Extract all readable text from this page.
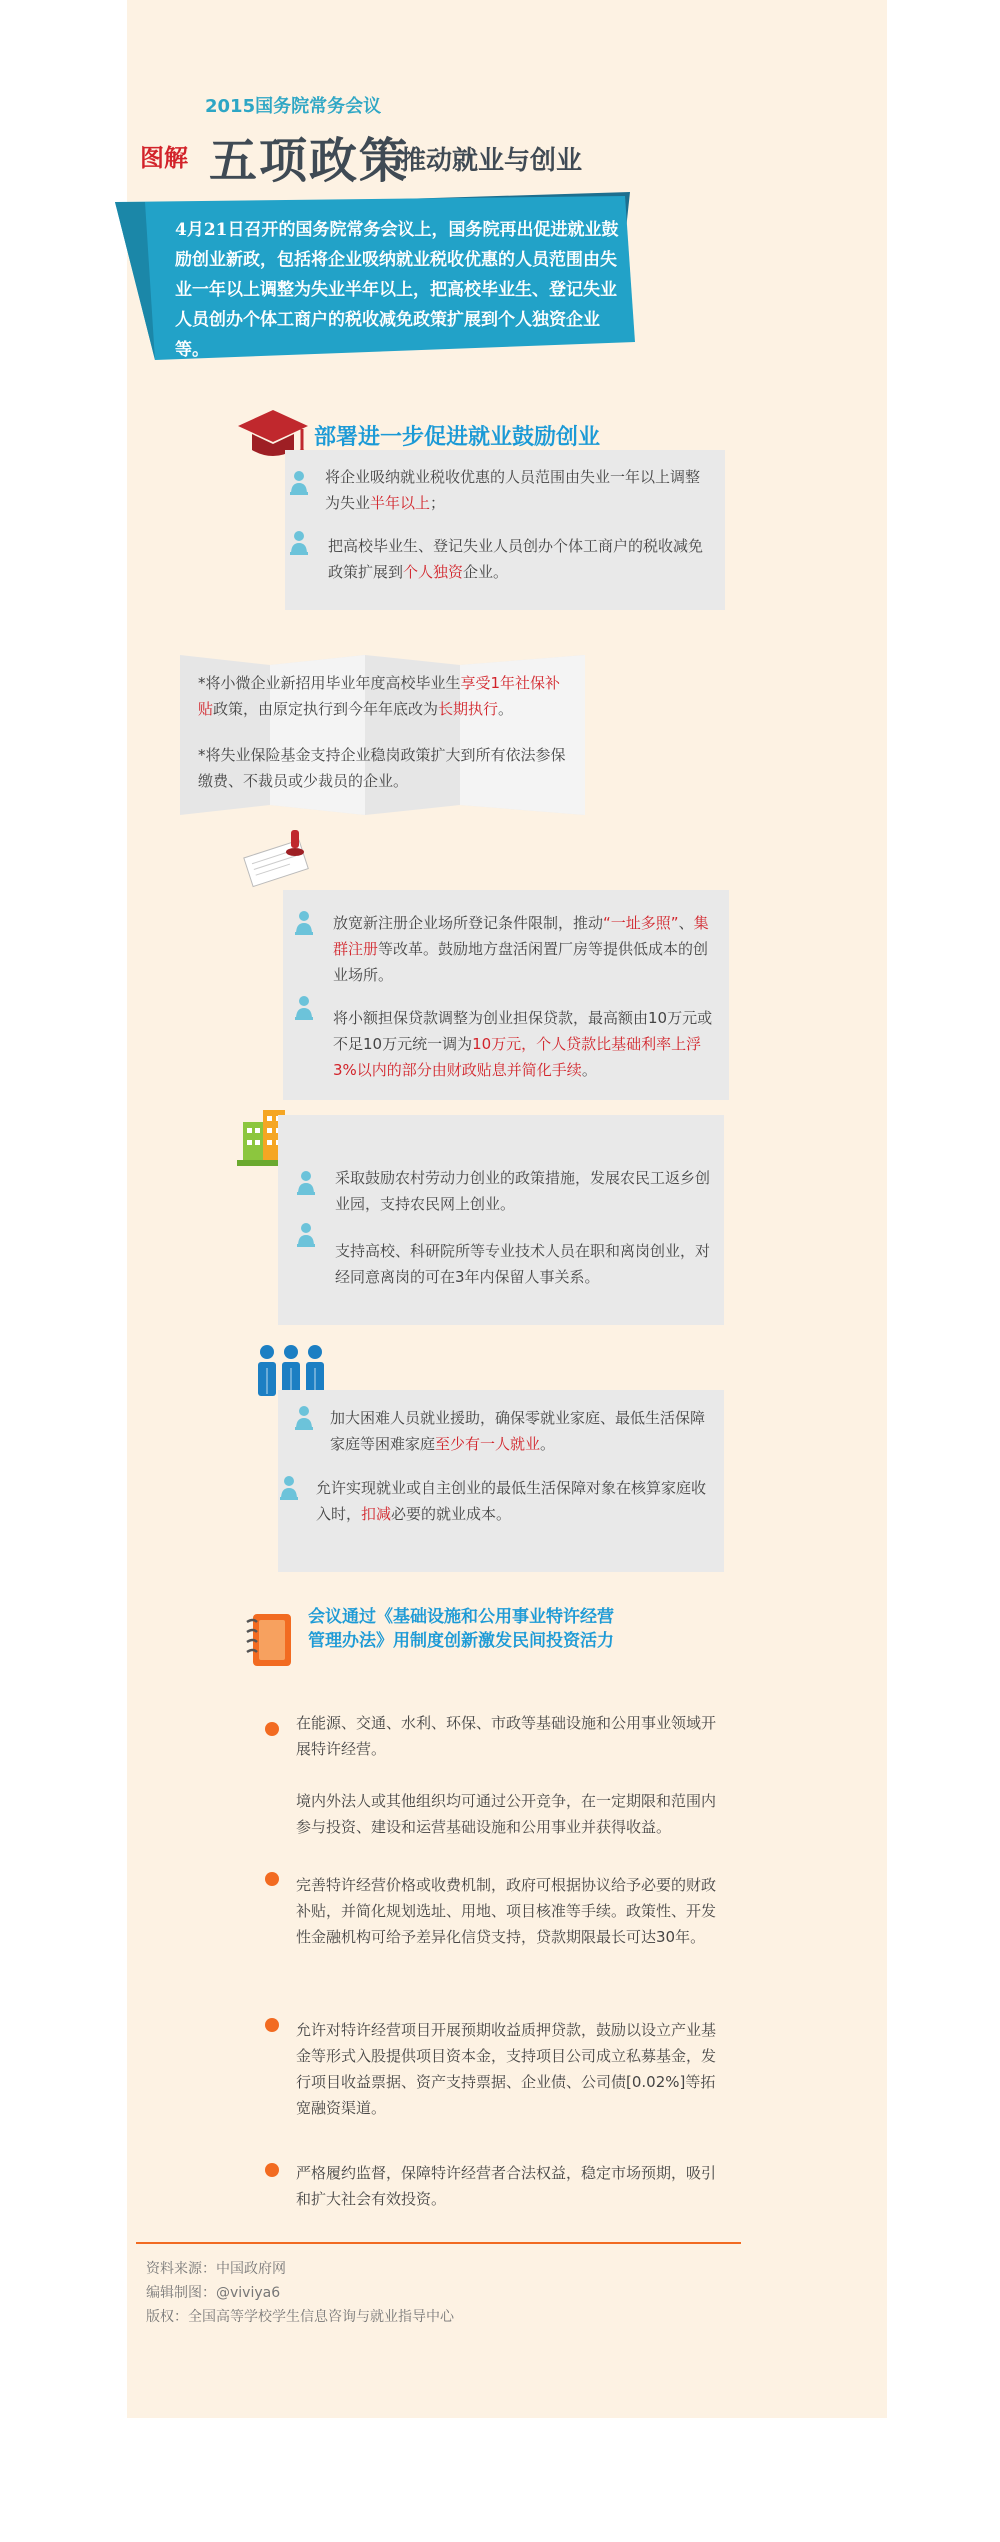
2015国务院常务会议
图解 五项政策
推动就业与创业
4月21日召开的国务院常务会议上，国务院再出促进就业鼓励创业新政，包括将企业吸纳就业税收优惠的人员范围由失业一年以上调整为失业半年以上，把高校毕业生、登记失业人员创办个体工商户的税收减免政策扩展到个人独资企业等。
部署进一步促进就业鼓励创业
将企业吸纳就业税收优惠的人员范围由失业一年以上调整为失业半年以上；
把高校毕业生、登记失业人员创办个体工商户的税收减免政策扩展到个人独资企业。
*将小微企业新招用毕业年度高校毕业生享受1年社保补贴政策，由原定执行到今年年底改为长期执行。
*将失业保险基金支持企业稳岗政策扩大到所有依法参保缴费、不裁员或少裁员的企业。
放宽新注册企业场所登记条件限制，推动“一址多照”、集群注册等改革。鼓励地方盘活闲置厂房等提供低成本的创业场所。
将小额担保贷款调整为创业担保贷款，最高额由10万元或不足10万元统一调为10万元，个人贷款比基础利率上浮3%以内的部分由财政贴息并简化手续。
采取鼓励农村劳动力创业的政策措施，发展农民工返乡创业园，支持农民网上创业。
支持高校、科研院所等专业技术人员在职和离岗创业，对经同意离岗的可在3年内保留人事关系。
加大困难人员就业援助，确保零就业家庭、最低生活保障家庭等困难家庭至少有一人就业。
允许实现就业或自主创业的最低生活保障对象在核算家庭收入时，扣减必要的就业成本。
会议通过《基础设施和公用事业特许经营管理办法》用制度创新激发民间投资活力
在能源、交通、水利、环保、市政等基础设施和公用事业领域开展特许经营。
境内外法人或其他组织均可通过公开竞争，在一定期限和范围内参与投资、建设和运营基础设施和公用事业并获得收益。
完善特许经营价格或收费机制，政府可根据协议给予必要的财政补贴，并简化规划选址、用地、项目核准等手续。政策性、开发性金融机构可给予差异化信贷支持，贷款期限最长可达30年。
允许对特许经营项目开展预期收益质押贷款，鼓励以设立产业基金等形式入股提供项目资本金，支持项目公司成立私募基金，发行项目收益票据、资产支持票据、企业债、公司债[0.02%]等拓宽融资渠道。
严格履约监督，保障特许经营者合法权益，稳定市场预期，吸引和扩大社会有效投资。
资料来源：中国政府网
编辑制图：@viviya6
版权：全国高等学校学生信息咨询与就业指导中心
